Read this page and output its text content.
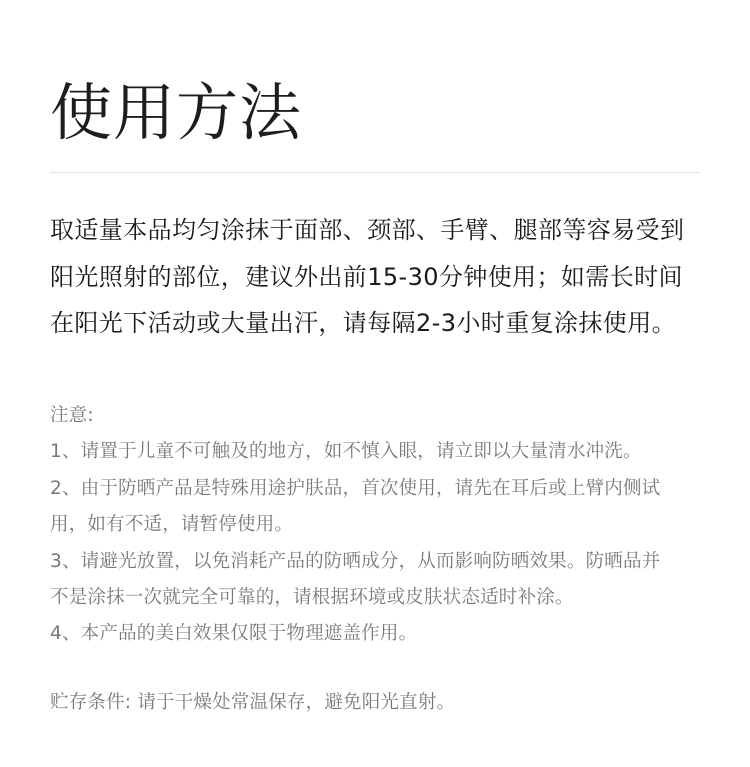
使用方法
取适量本品均匀涂抹于面部、颈部、手臂、腿部等容易受到
阳光照射的部位，建议外出前15-30分钟使用；如需长时间
在阳光下活动或大量出汗，请每隔2-3小时重复涂抹使用。
注意:
1、请置于儿童不可触及的地方，如不慎入眼，请立即以大量清水冲洗。
2、由于防晒产品是特殊用途护肤品，首次使用，请先在耳后或上臂内侧试
用，如有不适，请暂停使用。
3、请避光放置，以免消耗产品的防晒成分，从而影响防晒效果。防晒品并
不是涂抹一次就完全可靠的，请根据环境或皮肤状态适时补涂。
4、本产品的美白效果仅限于物理遮盖作用。
贮存条件: 请于干燥处常温保存，避免阳光直射。
